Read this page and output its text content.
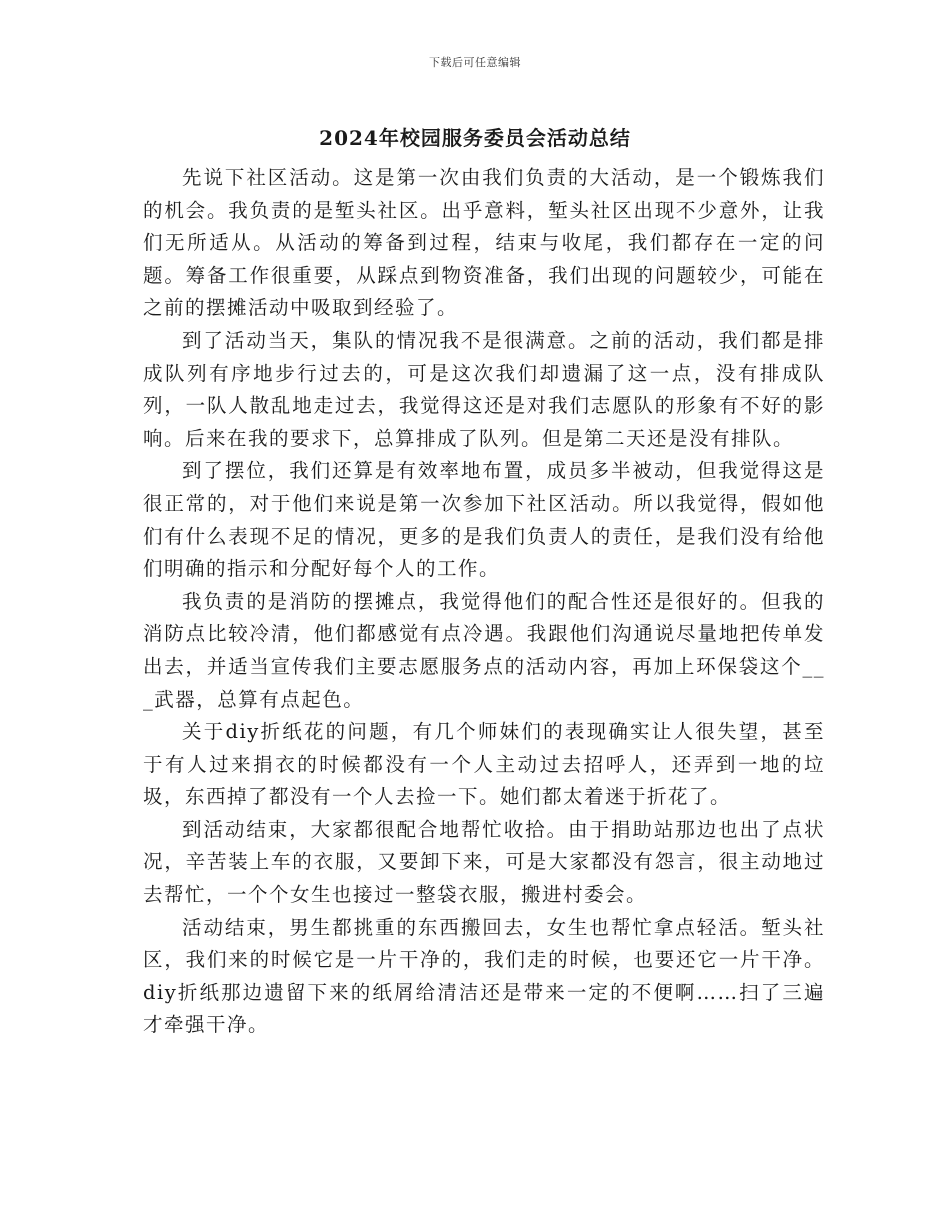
下载后可任意编辑
2024年校园服务委员会活动总结

先说下社区活动。这是第一次由我们负责的大活动，是一个锻炼我们的机会。我负责的是堑头社区。出乎意料，堑头社区出现不少意外，让我们无所适从。从活动的筹备到过程，结束与收尾，我们都存在一定的问题。筹备工作很重要，从踩点到物资准备，我们出现的问题较少，可能在之前的摆摊活动中吸取到经验了。

到了活动当天，集队的情况我不是很满意。之前的活动，我们都是排成队列有序地步行过去的，可是这次我们却遗漏了这一点，没有排成队列，一队人散乱地走过去，我觉得这还是对我们志愿队的形象有不好的影响。后来在我的要求下，总算排成了队列。但是第二天还是没有排队。

到了摆位，我们还算是有效率地布置，成员多半被动，但我觉得这是很正常的，对于他们来说是第一次参加下社区活动。所以我觉得，假如他们有什么表现不足的情况，更多的是我们负责人的责任，是我们没有给他们明确的指示和分配好每个人的工作。

我负责的是消防的摆摊点，我觉得他们的配合性还是很好的。但我的消防点比较冷清，他们都感觉有点冷遇。我跟他们沟通说尽量地把传单发出去，并适当宣传我们主要志愿服务点的活动内容，再加上环保袋这个___武器，总算有点起色。

关于diy折纸花的问题，有几个师妹们的表现确实让人很失望，甚至于有人过来捐衣的时候都没有一个人主动过去招呼人，还弄到一地的垃圾，东西掉了都没有一个人去捡一下。她们都太着迷于折花了。

到活动结束，大家都很配合地帮忙收拾。由于捐助站那边也出了点状况，辛苦装上车的衣服，又要卸下来，可是大家都没有怨言，很主动地过去帮忙，一个个女生也接过一整袋衣服，搬进村委会。

活动结束，男生都挑重的东西搬回去，女生也帮忙拿点轻活。堑头社区，我们来的时候它是一片干净的，我们走的时候，也要还它一片干净。diy折纸那边遗留下来的纸屑给清洁还是带来一定的不便啊……扫了三遍才牵强干净。
